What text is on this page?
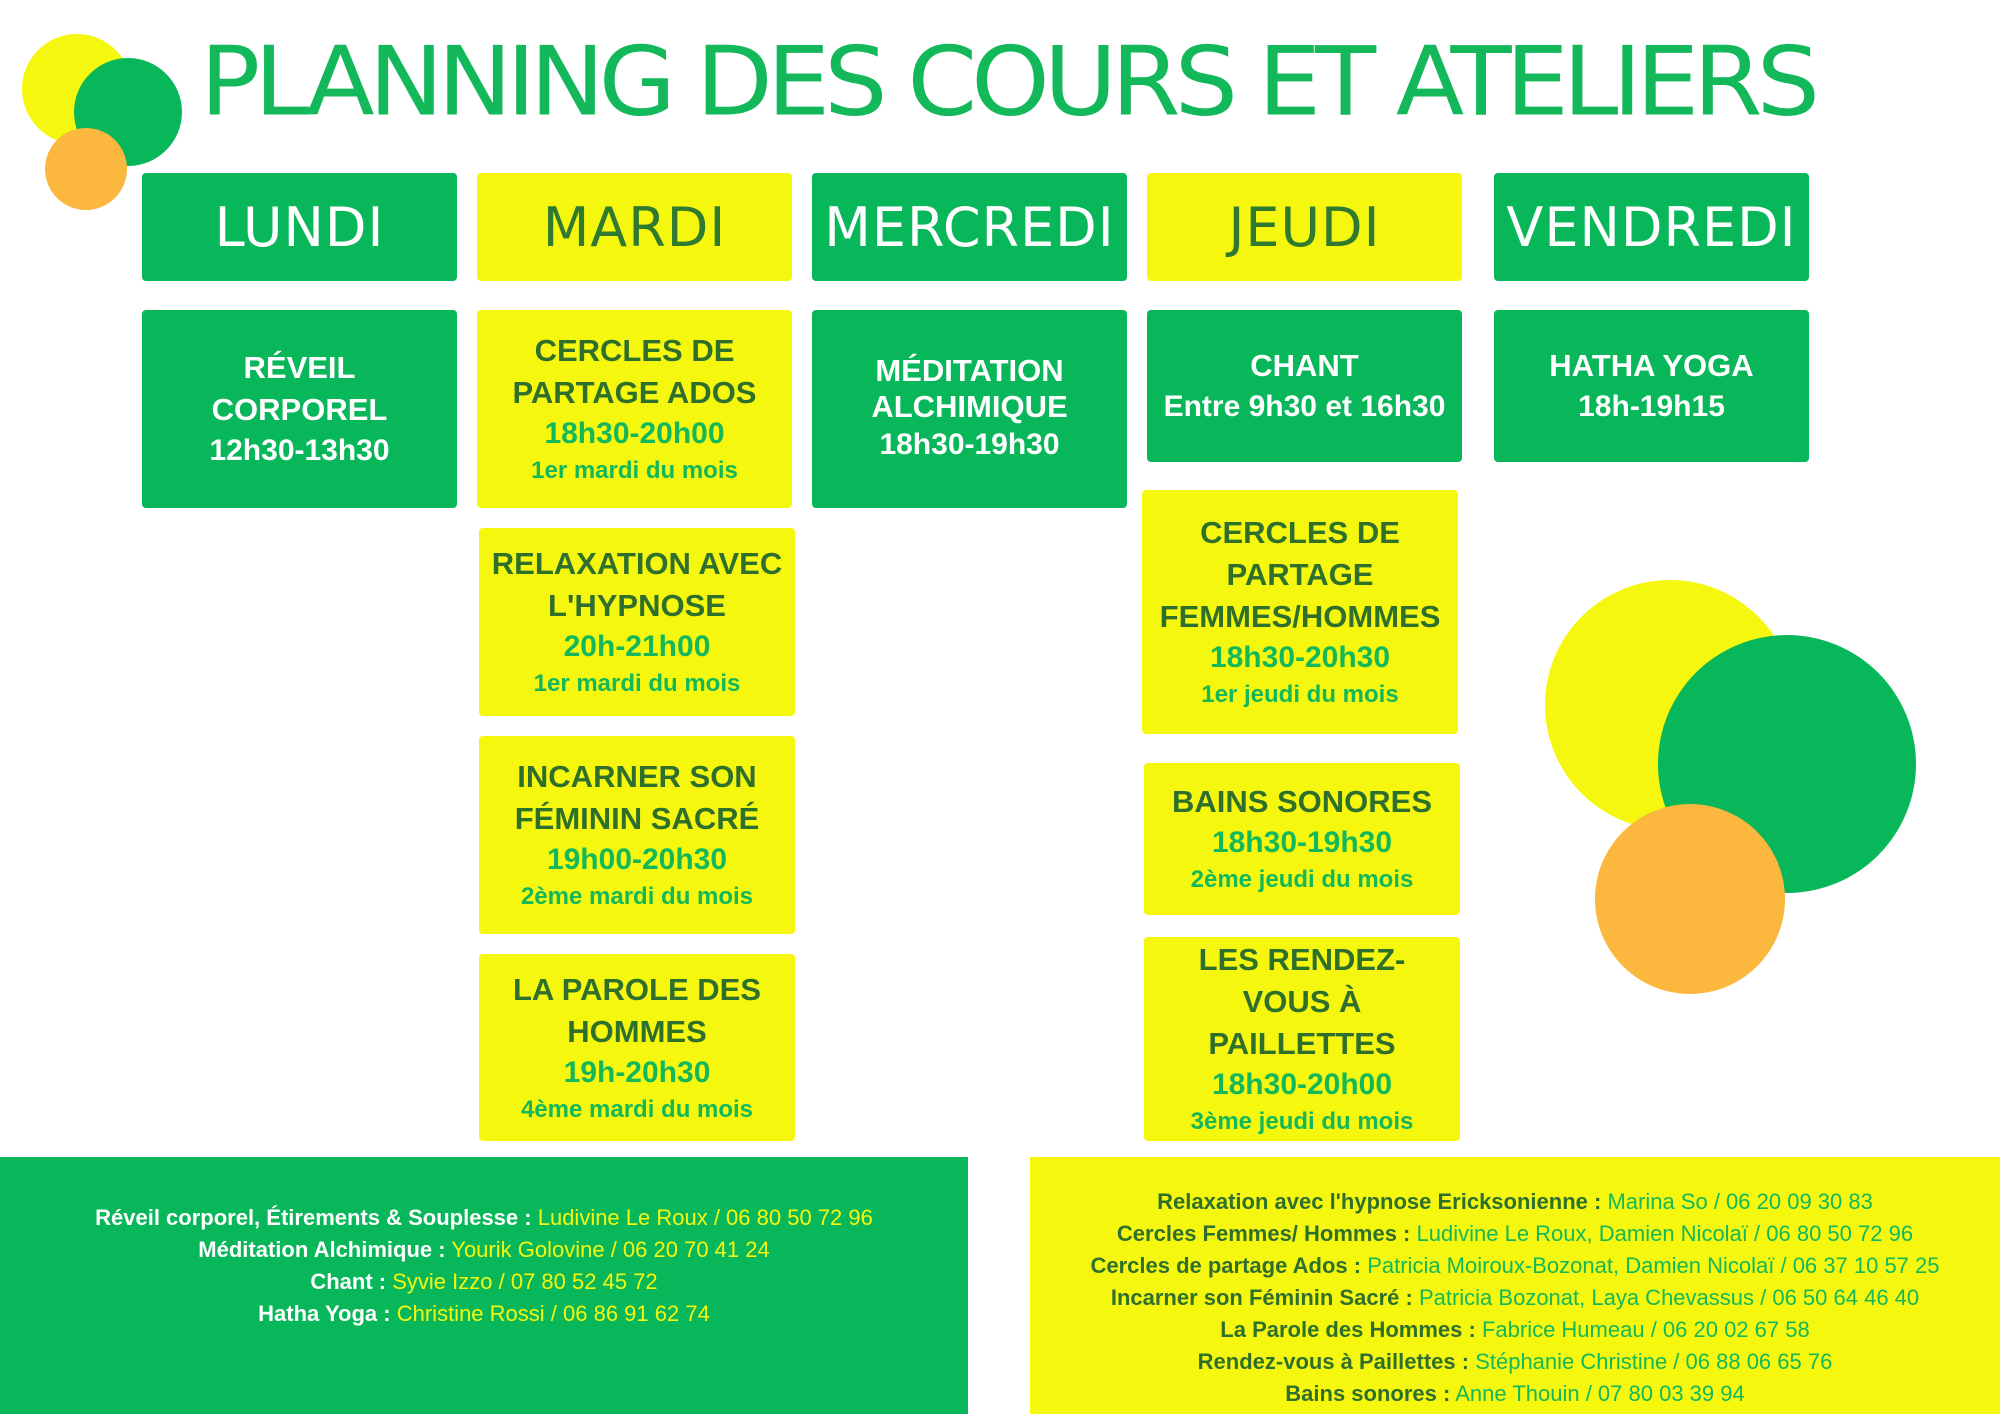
PLANNING DES COURS ET ATELIERS
LUNDI	MARDI	MERCREDI	JEUDI	VENDREDI
RÉVEIL CORPOREL
12h30-13h30
CERCLES DE PARTAGE ADOS
18h30-20h00
1er mardi du mois
RELAXATION AVEC L'HYPNOSE
20h-21h00
1er mardi du mois
INCARNER SON FÉMININ SACRÉ
19h00-20h30
2ème mardi du mois
LA PAROLE DES HOMMES
19h-20h30
4ème mardi du mois
MÉDITATION ALCHIMIQUE
18h30-19h30
CHANT
Entre 9h30 et 16h30
CERCLES DE PARTAGE FEMMES/HOMMES
18h30-20h30
1er jeudi du mois
BAINS SONORES
18h30-19h30
2ème jeudi du mois
LES RENDEZ-VOUS À PAILLETTES
18h30-20h00
3ème jeudi du mois
HATHA YOGA
18h-19h15
Réveil corporel, Étirements & Souplesse : Ludivine Le Roux / 06 80 50 72 96
Méditation Alchimique : Yourik Golovine / 06 20 70 41 24
Chant : Syvie Izzo / 07 80 52 45 72
Hatha Yoga : Christine Rossi / 06 86 91 62 74
Relaxation avec l'hypnose Ericksonienne : Marina So / 06 20 09 30 83
Cercles Femmes/ Hommes : Ludivine Le Roux, Damien Nicolaï / 06 80 50 72 96
Cercles de partage Ados : Patricia Moiroux-Bozonat, Damien Nicolaï / 06 37 10 57 25
Incarner son Féminin Sacré : Patricia Bozonat, Laya Chevassus / 06 50 64 46 40
La Parole des Hommes : Fabrice Humeau / 06 20 02 67 58
Rendez-vous à Paillettes : Stéphanie Christine / 06 88 06 65 76
Bains sonores : Anne Thouin / 07 80 03 39 94
